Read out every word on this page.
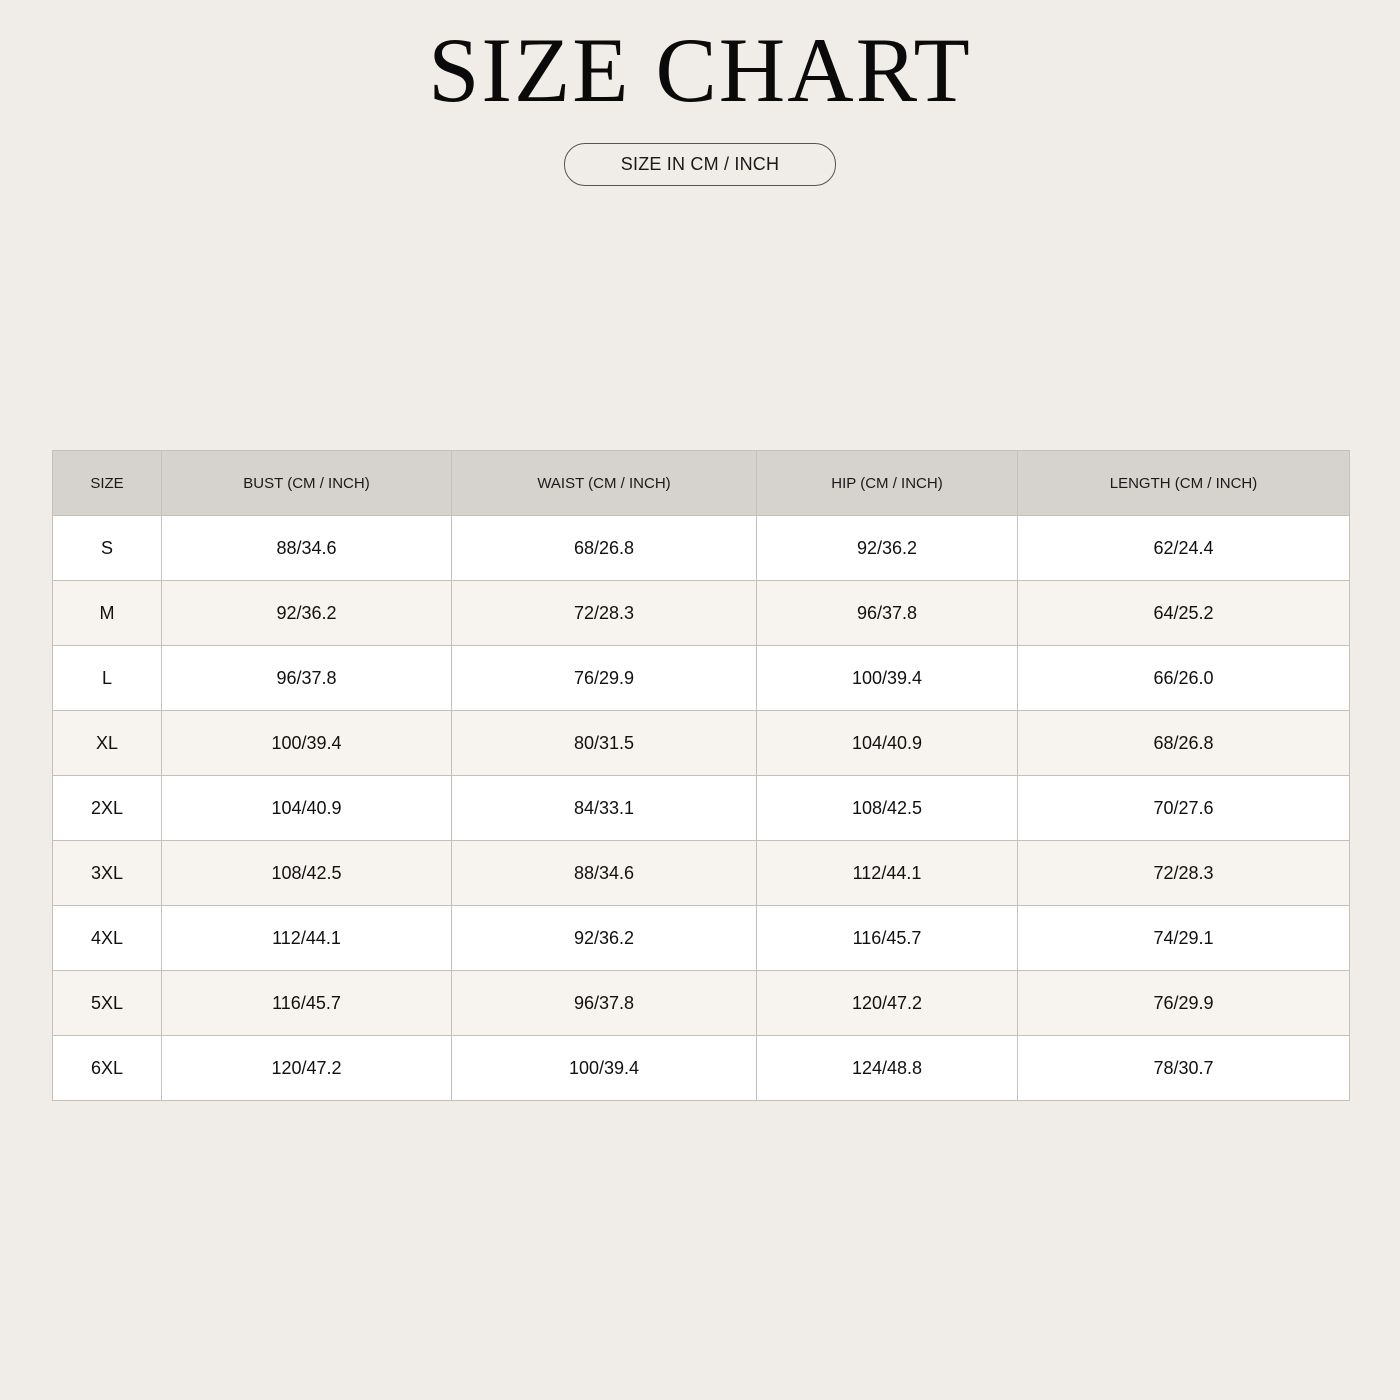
SIZE CHART
SIZE IN CM / INCH
SIZE	BUST (CM / INCH)	WAIST (CM / INCH)	HIP (CM / INCH)	LENGTH (CM / INCH)
S	88/34.6	68/26.8	92/36.2	62/24.4
M	92/36.2	72/28.3	96/37.8	64/25.2
L	96/37.8	76/29.9	100/39.4	66/26.0
XL	100/39.4	80/31.5	104/40.9	68/26.8
2XL	104/40.9	84/33.1	108/42.5	70/27.6
3XL	108/42.5	88/34.6	112/44.1	72/28.3
4XL	112/44.1	92/36.2	116/45.7	74/29.1
5XL	116/45.7	96/37.8	120/47.2	76/29.9
6XL	120/47.2	100/39.4	124/48.8	78/30.7
